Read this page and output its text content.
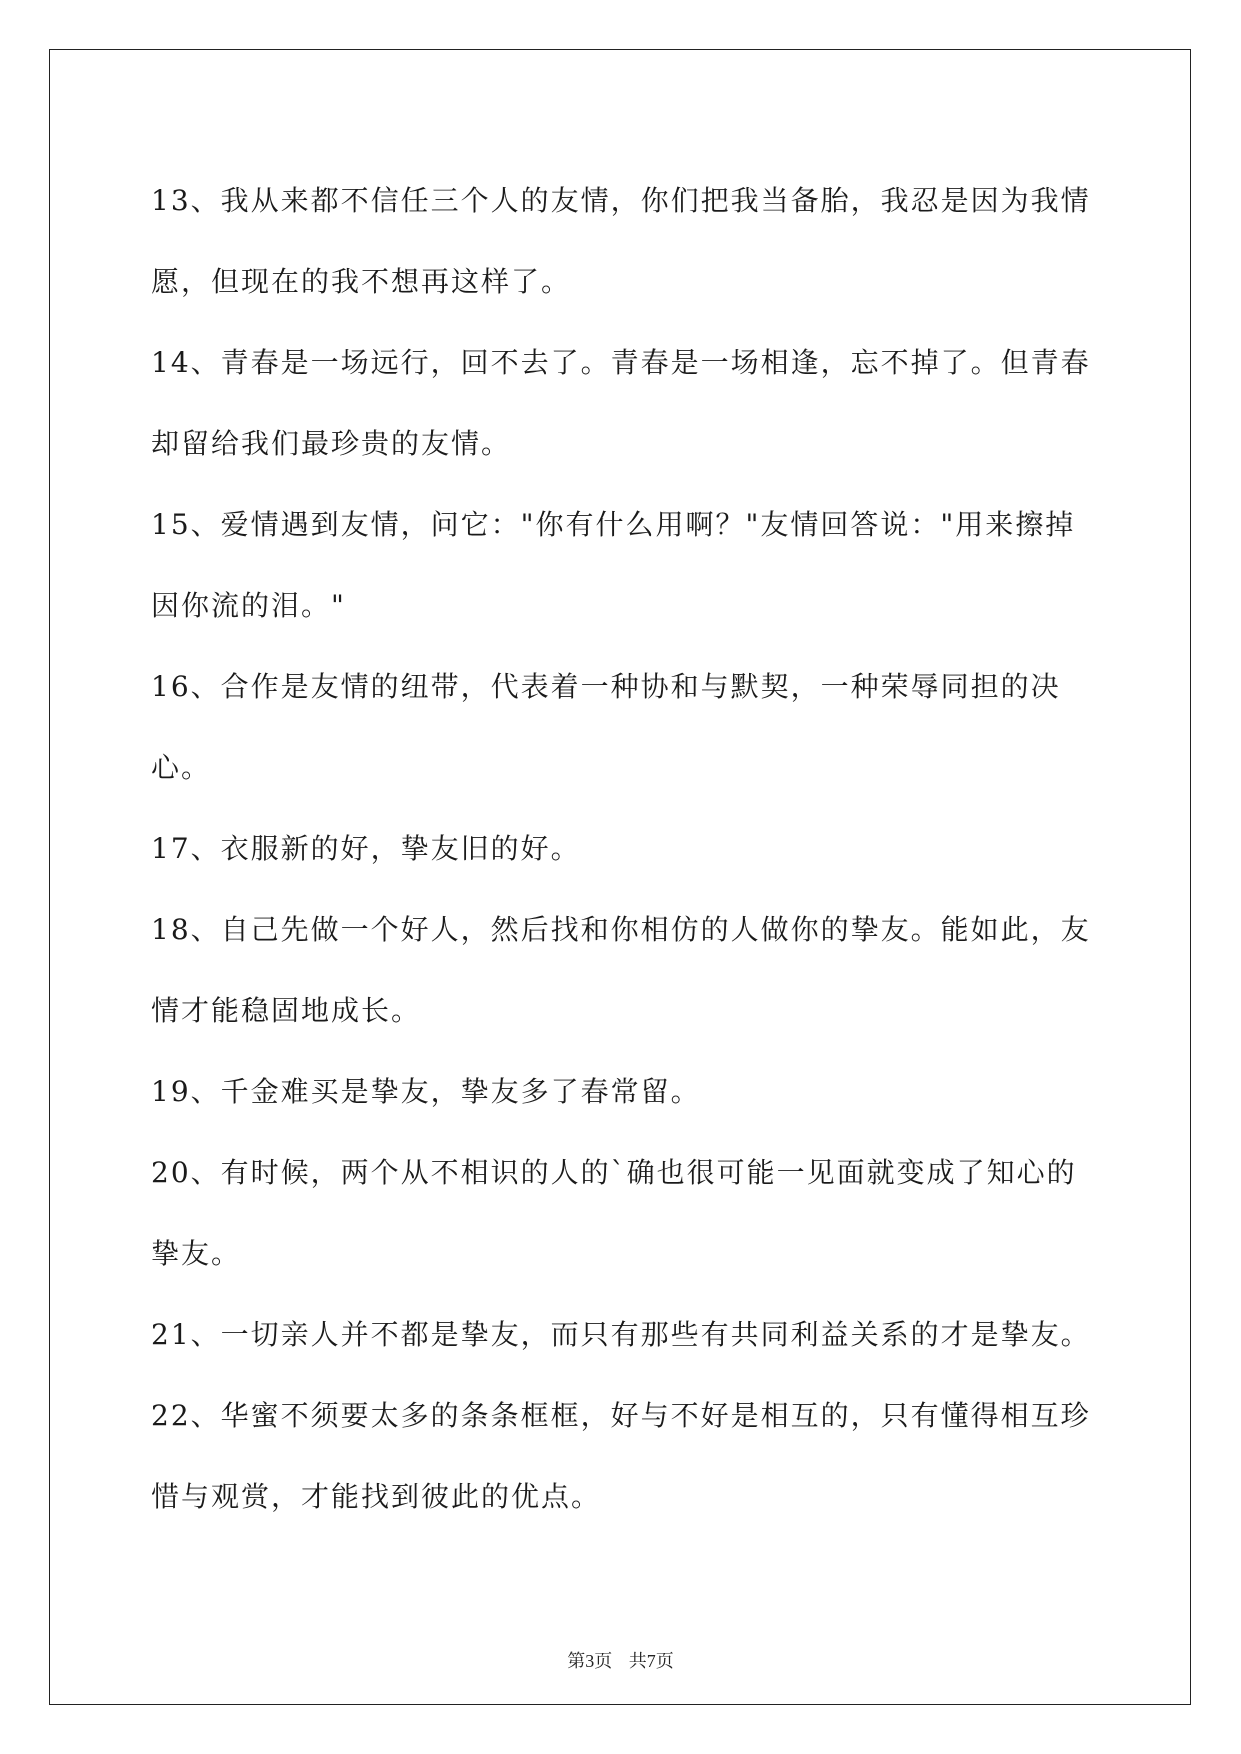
13、我从来都不信任三个人的友情，你们把我当备胎，我忍是因为我情愿，但现在的我不想再这样了。

14、青春是一场远行，回不去了。青春是一场相逢，忘不掉了。但青春却留给我们最珍贵的友情。

15、爱情遇到友情，问它："你有什么用啊？"友情回答说："用来擦掉因你流的泪。"

16、合作是友情的纽带，代表着一种协和与默契，一种荣辱同担的决心。

17、衣服新的好，挚友旧的好。

18、自己先做一个好人，然后找和你相仿的人做你的挚友。能如此，友情才能稳固地成长。

19、千金难买是挚友，挚友多了春常留。

20、有时候，两个从不相识的人的`确也很可能一见面就变成了知心的挚友。

21、一切亲人并不都是挚友，而只有那些有共同利益关系的才是挚友。

22、华蜜不须要太多的条条框框，好与不好是相互的，只有懂得相互珍惜与观赏，才能找到彼此的优点。

第3页 共7页
